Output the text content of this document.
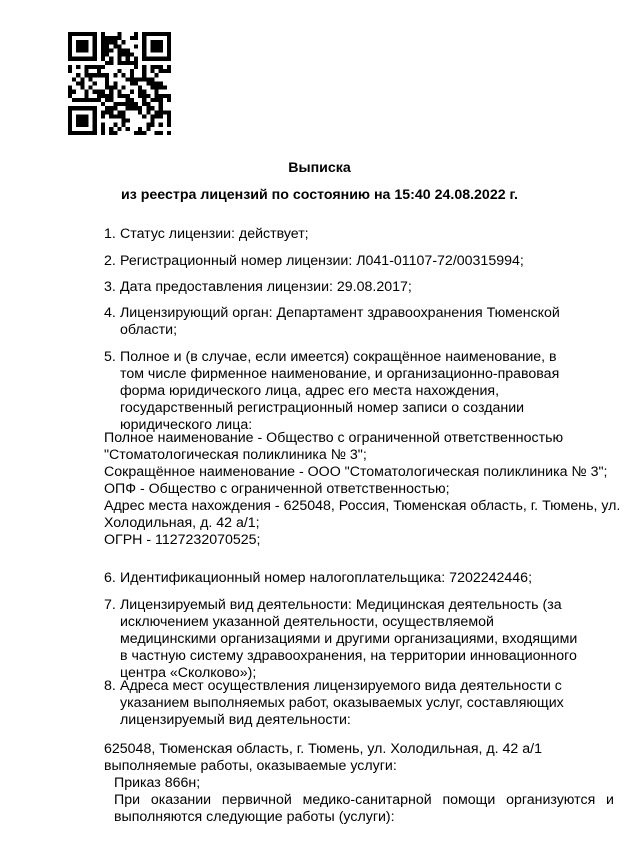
Выписка
из реестра лицензий по состоянию на 15:40 24.08.2022 г.
1. Статус лицензии: действует;
2. Регистрационный номер лицензии: Л041-01107-72/00315994;
3. Дата предоставления лицензии: 29.08.2017;
4. Лицензирующий орган: Департамент здравоохранения Тюменской области;
5. Полное и (в случае, если имеется) сокращённое наименование, в том числе фирменное наименование, и организационно-правовая форма юридического лица, адрес его места нахождения, государственный регистрационный номер записи о создании юридического лица:
Полное наименование - Общество с ограниченной ответственностью "Стоматологическая поликлиника № 3";
Сокращённое наименование - ООО "Стоматологическая поликлиника № 3";
ОПФ - Общество с ограниченной ответственностью;
Адрес места нахождения - 625048, Россия, Тюменская область, г. Тюмень, ул. Холодильная, д. 42 а/1;
ОГРН - 1127232070525;
6. Идентификационный номер налогоплательщика: 7202242446;
7. Лицензируемый вид деятельности: Медицинская деятельность (за исключением указанной деятельности, осуществляемой медицинскими организациями и другими организациями, входящими в частную систему здравоохранения, на территории инновационного центра «Сколково»);
8. Адреса мест осуществления лицензируемого вида деятельности с указанием выполняемых работ, оказываемых услуг, составляющих лицензируемый вид деятельности:
625048, Тюменская область, г. Тюмень, ул. Холодильная, д. 42 а/1
выполняемые работы, оказываемые услуги:
Приказ 866н;
При оказании первичной медико-санитарной помощи организуются и выполняются следующие работы (услуги):
